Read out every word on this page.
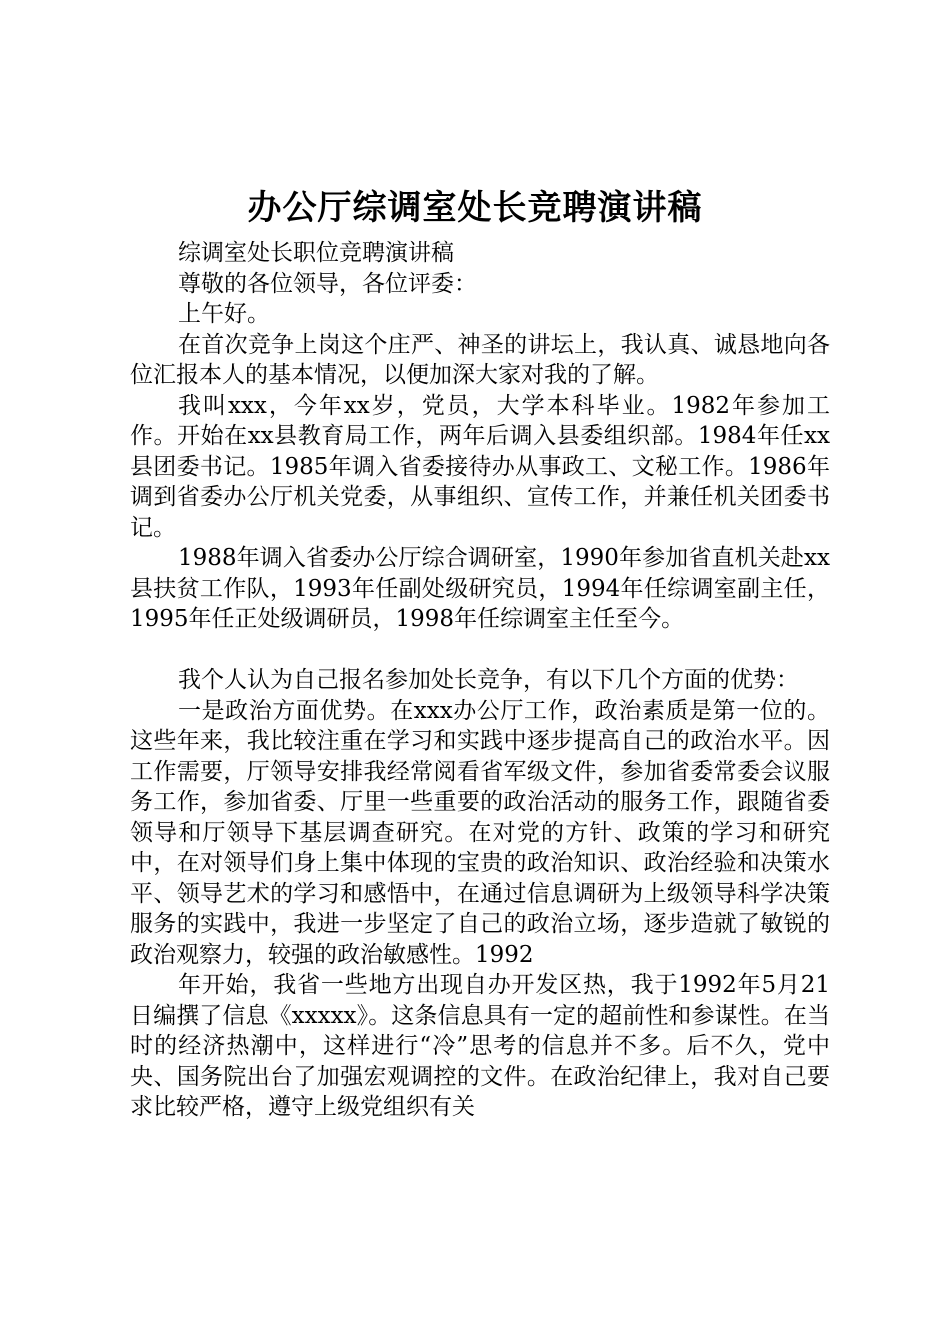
办公厅综调室处长竞聘演讲稿

综调室处长职位竞聘演讲稿

尊敬的各位领导，各位评委：

上午好。

在首次竞争上岗这个庄严、神圣的讲坛上，我认真、诚恳地向各位汇报本人的基本情况，以便加深大家对我的了解。

我叫xxx，今年xx岁，党员，大学本科毕业。1982年参加工作。开始在xx县教育局工作，两年后调入县委组织部。1984年任xx县团委书记。1985年调入省委接待办从事政工、文秘工作。1986年调到省委办公厅机关党委，从事组织、宣传工作，并兼任机关团委书记。

1988年调入省委办公厅综合调研室，1990年参加省直机关赴xx县扶贫工作队，1993年任副处级研究员，1994年任综调室副主任，1995年任正处级调研员，1998年任综调室主任至今。

我个人认为自己报名参加处长竞争，有以下几个方面的优势：

一是政治方面优势。在xxx办公厅工作，政治素质是第一位的。这些年来，我比较注重在学习和实践中逐步提高自己的政治水平。因工作需要，厅领导安排我经常阅看省军级文件，参加省委常委会议服务工作，参加省委、厅里一些重要的政治活动的服务工作，跟随省委领导和厅领导下基层调查研究。在对党的方针、政策的学习和研究中，在对领导们身上集中体现的宝贵的政治知识、政治经验和决策水平、领导艺术的学习和感悟中，在通过信息调研为上级领导科学决策服务的实践中，我进一步坚定了自己的政治立场，逐步造就了敏锐的政治观察力，较强的政治敏感性。1992

年开始，我省一些地方出现自办开发区热，我于1992年5月21日编撰了信息《xxxxx》。这条信息具有一定的超前性和参谋性。在当时的经济热潮中，这样进行“冷”思考的信息并不多。后不久，党中央、国务院出台了加强宏观调控的文件。在政治纪律上，我对自己要求比较严格，遵守上级党组织有关
